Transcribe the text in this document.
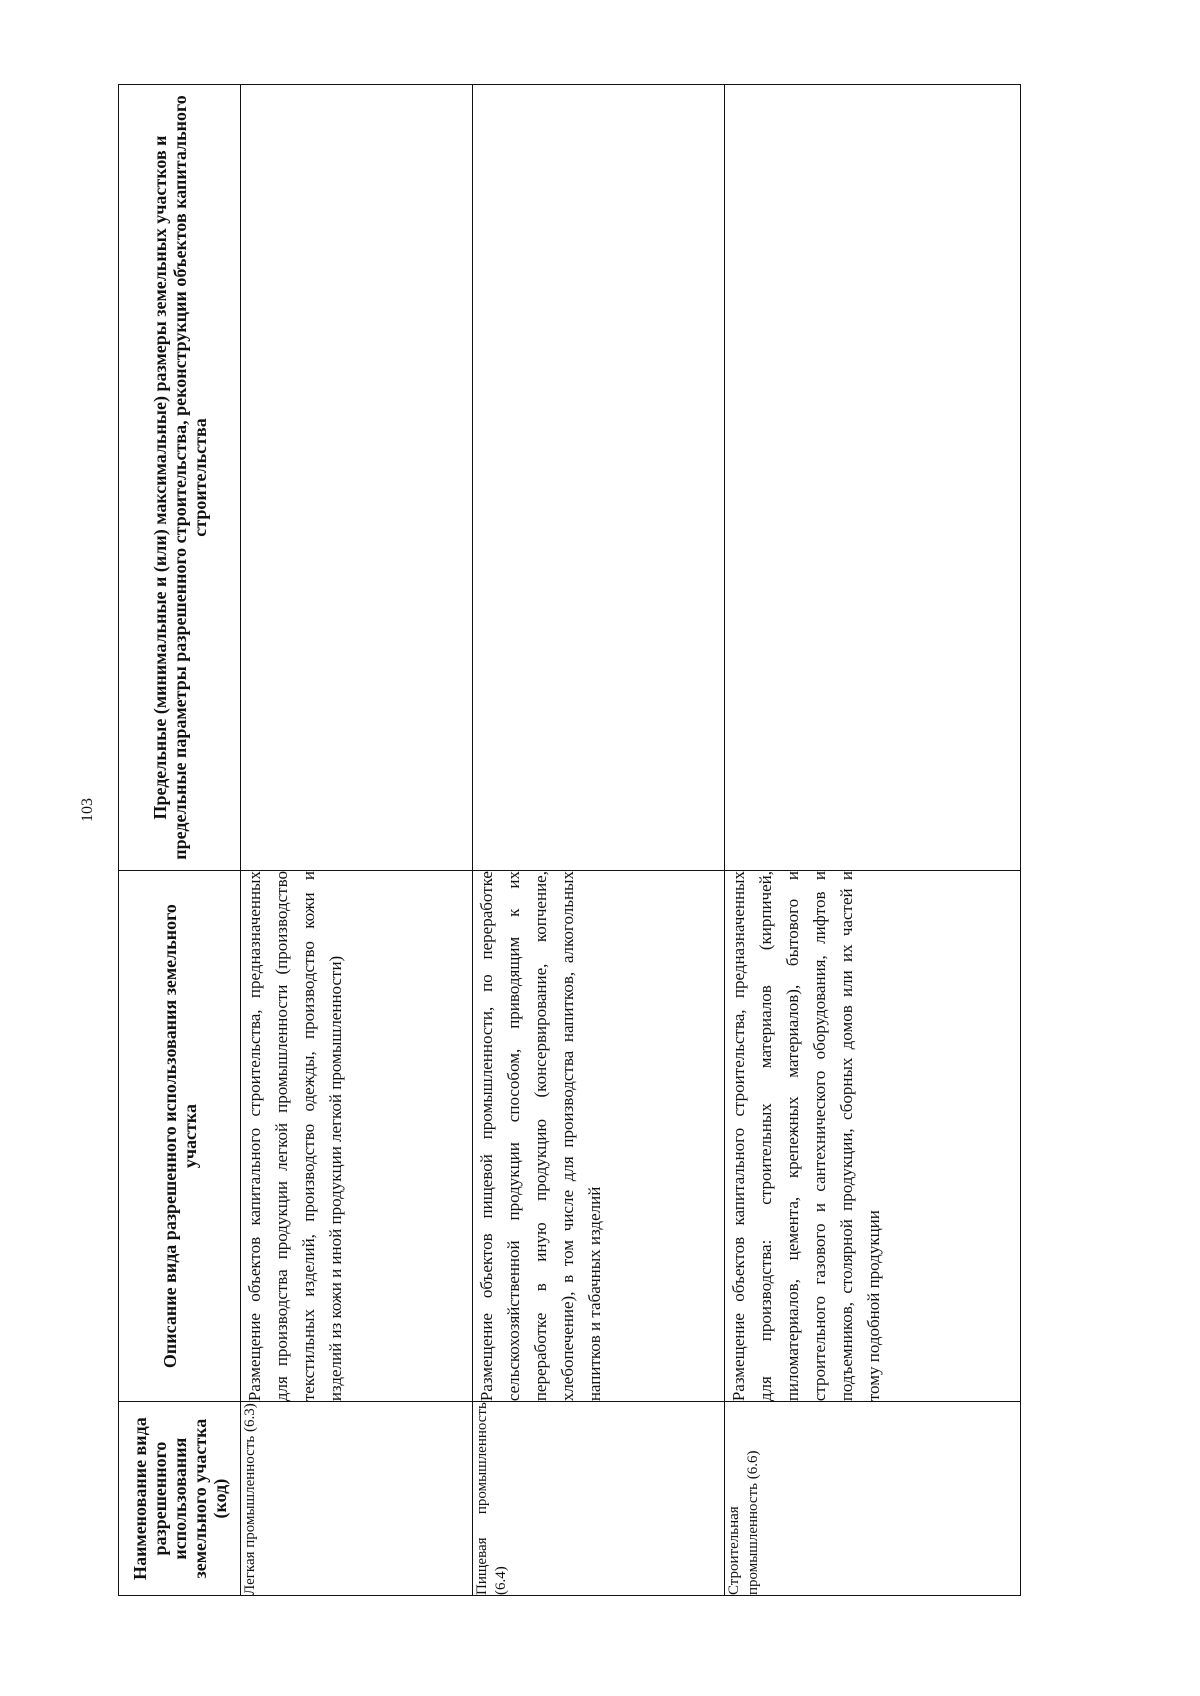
103
Наименование вида разрешенного использования земельного участка (код)	Описание вида разрешенного использования земельного участка	Предельные (минимальные и (или) максимальные) размеры земельных участков и предельные параметры разрешенного строительства, реконструкции объектов капитального строительства

Легкая промышленность (6.3)	Размещение объектов капитального строительства, предназначенных для производства продукции легкой промышленности (производство текстильных изделий, производство одежды, производство кожи и изделий из кожи и иной продукции легкой промышленности)	

Пищевая промышленность (6.4)	Размещение объектов пищевой промышленности, по переработке сельскохозяйственной продукции способом, приводящим к их переработке в иную продукцию (консервирование, копчение, хлебопечение), в том числе для производства напитков, алкогольных напитков и табачных изделий	

Строительная промышленность (6.6)	Размещение объектов капитального строительства, предназначенных для производства: строительных материалов (кирпичей, пиломатериалов, цемента, крепежных материалов), бытового и строительного газового и сантехнического оборудования, лифтов и подъемников, столярной продукции, сборных домов или их частей и тому подобной продукции	
